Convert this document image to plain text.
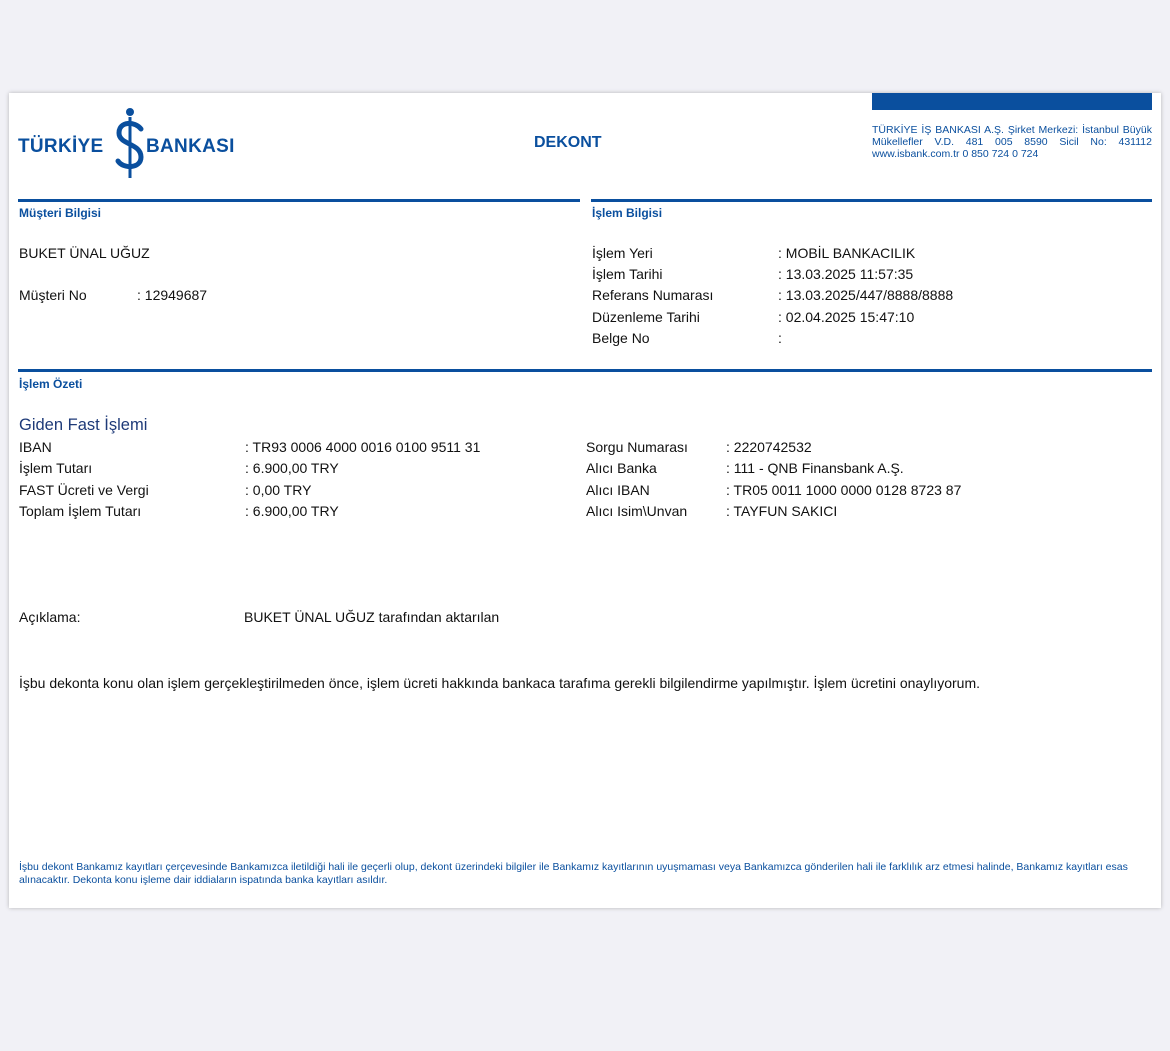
TÜRKİYE BANKASI	DEKONT
TÜRKİYE İŞ BANKASI A.Ş. Şirket Merkezi: İstanbul Büyük Mükellefler V.D. 481 005 8590 Sicil No: 431112 www.isbank.com.tr 0 850 724 0 724
Müşteri Bilgisi
BUKET ÜNAL UĞUZ
Müşteri No	: 12949687
İşlem Bilgisi
İşlem Yeri	: MOBİL BANKACILIK
İşlem Tarihi	: 13.03.2025 11:57:35
Referans Numarası	: 13.03.2025/447/8888/8888
Düzenleme Tarihi	: 02.04.2025 15:47:10
Belge No	:
İşlem Özeti
Giden Fast İşlemi
IBAN	: TR93 0006 4000 0016 0100 9511 31
İşlem Tutarı	: 6.900,00 TRY
FAST Ücreti ve Vergi	: 0,00 TRY
Toplam İşlem Tutarı	: 6.900,00 TRY
Sorgu Numarası	: 2220742532
Alıcı Banka	: 111 - QNB Finansbank A.Ş.
Alıcı IBAN	: TR05 0011 1000 0000 0128 8723 87
Alıcı Isim\Unvan	: TAYFUN SAKICI
Açıklama:	BUKET ÜNAL UĞUZ tarafından aktarılan
İşbu dekonta konu olan işlem gerçekleştirilmeden önce, işlem ücreti hakkında bankaca tarafıma gerekli bilgilendirme yapılmıştır. İşlem ücretini onaylıyorum.
İşbu dekont Bankamız kayıtları çerçevesinde Bankamızca iletildiği hali ile geçerli olup, dekont üzerindeki bilgiler ile Bankamız kayıtlarının uyuşmaması veya Bankamızca gönderilen hali ile farklılık arz etmesi halinde, Bankamız kayıtları esas alınacaktır. Dekonta konu işleme dair iddiaların ispatında banka kayıtları asıldır.
